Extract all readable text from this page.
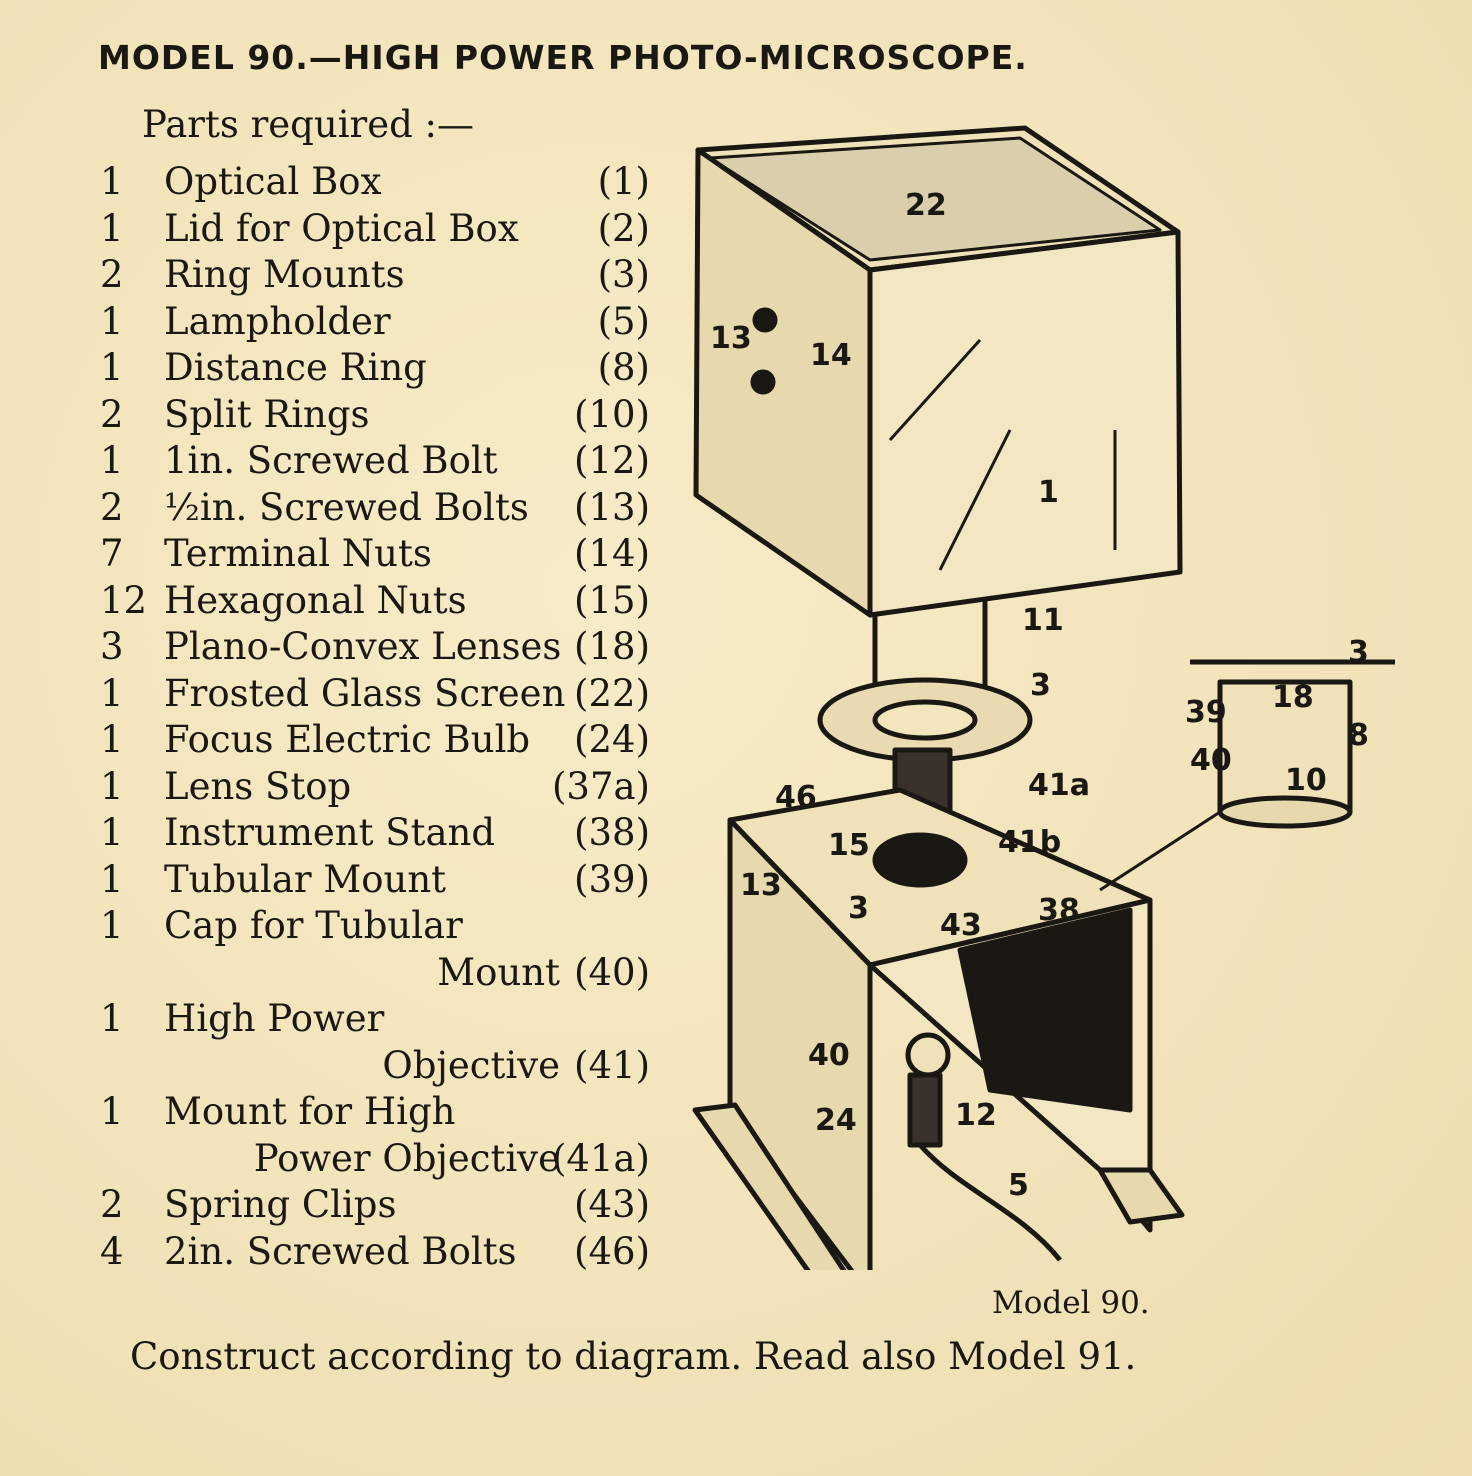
MODEL 90.—HIGH POWER PHOTO-MICROSCOPE.
Parts required :—
1	Optical Box	(1)
1	Lid for Optical Box (2)
2	Ring Mounts	(3)
1	Lampholder	(5)
1	Distance Ring	(8)
2	Split Rings	(10)
1	1in. Screwed Bolt (12)
2	½in. Screwed Bolts (13)
7	Terminal Nuts	(14)
12 Hexagonal Nuts	(15)
3	Plano-Convex Lenses (18)
1	Frosted Glass Screen (22)
1	Focus Electric Bulb (24)
1	Lens Stop	(37a)
1	Instrument Stand (38)
1	Tubular Mount	(39)
1	Cap for Tubular
Mount (40)
1	High Power
Objective (41)
1	Mount for High
Power Objective
(41a)
2	Spring Clips	(43)
4	2in. Screwed Bolts (46)
22
13 14
1
11
3
41a
46
15	41b
13
3 43 38
40
24	12
15
5
3
18
39
8
40
10
Model 90.
Construct according to diagram. Read also Model 91.
